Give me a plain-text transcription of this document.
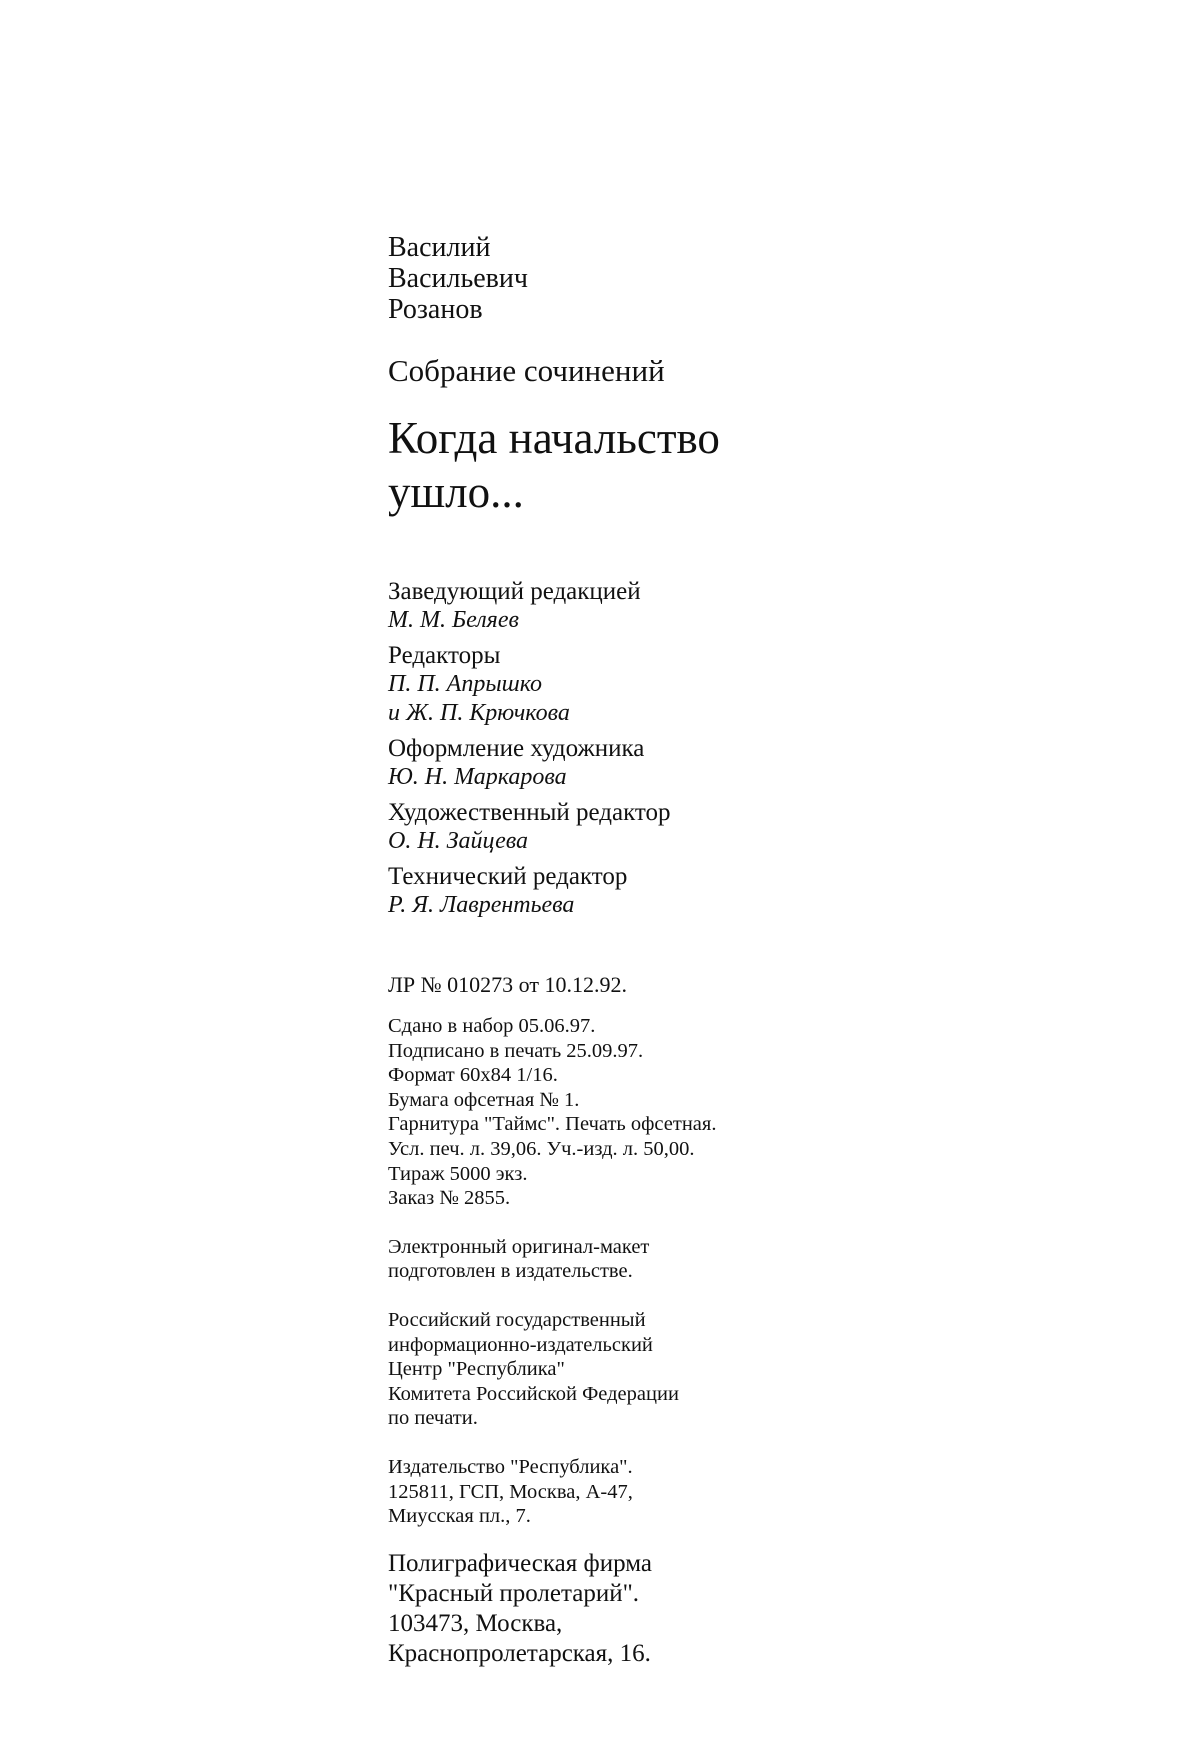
Василий

Васильевич

Розанов

Собрание сочинений

Когда начальство
ушло...
Заведующий редакцией
М. М. Беляев
Редакторы
П. П. Апрышко
и Ж. П. Крючкова
Оформление художника
Ю. Н. Маркарова
Художественный редактор
О. Н. Зайцева
Технический редактор
Р. Я. Лаврентьева
ЛР № 010273 от 10.12.92.
Сдано в набор 05.06.97.
Подписано в печать 25.09.97.
Формат 60x84 1/16.
Бумага офсетная № 1.
Гарнитура "Таймс". Печать офсетная.
Усл. печ. л. 39,06. Уч.-изд. л. 50,00.
Тираж 5000 экз.
Заказ № 2855.
Электронный оригинал-макет
подготовлен в издательстве.
Российский государственный
информационно-издательский
Центр "Республика"
Комитета Российской Федерации
по печати.
Издательство "Республика".
125811, ГСП, Москва, А-47,
Миусская пл., 7.
Полиграфическая фирма
"Красный пролетарий".
103473, Москва,
Краснопролетарская, 16.
